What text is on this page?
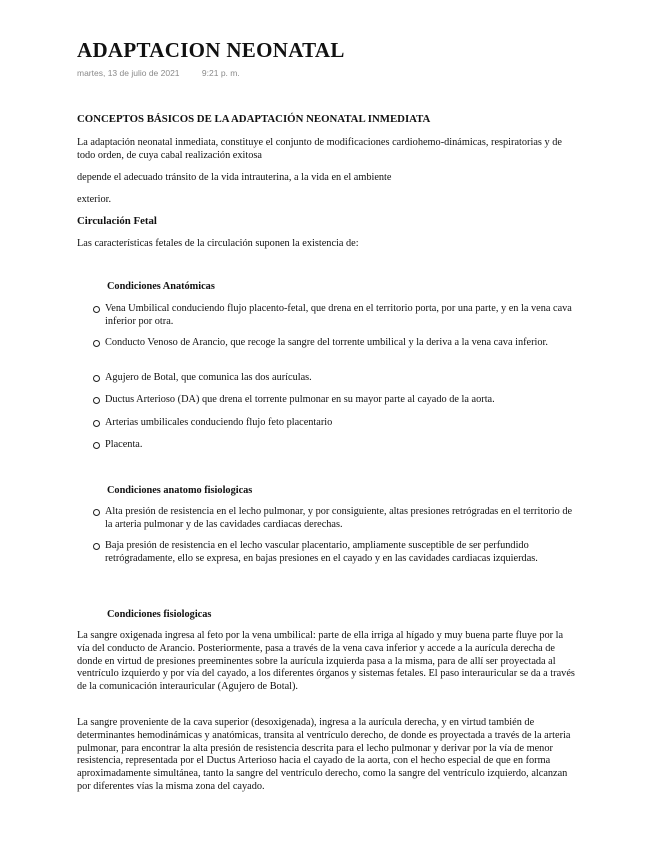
ADAPTACION NEONATAL
martes, 13 de julio de 2021	9:21 p. m.

CONCEPTOS BÁSICOS DE LA ADAPTACIÓN NEONATAL INMEDIATA

La adaptación neonatal inmediata, constituye el conjunto de modificaciones cardiohemo-dinámicas, respiratorias y de todo orden, de cuya cabal realización exitosa

depende el adecuado tránsito de la vida intrauterina, a la vida en el ambiente

exterior.

Circulación Fetal

Las características fetales de la circulación suponen la existencia de:

Condiciones Anatómicas

Vena Umbilical conduciendo flujo placento-fetal, que drena en el territorio porta, por una parte, y en la vena cava inferior por otra.
Conducto Venoso de Arancio, que recoge la sangre del torrente umbilical y la deriva a la vena cava inferior.
Agujero de Botal, que comunica las dos aurículas.
Ductus Arterioso (DA) que drena el torrente pulmonar en su mayor parte al cayado de la aorta.
Arterias umbilicales conduciendo flujo feto placentario
Placenta.

Condiciones anatomo fisiologicas

Alta presión de resistencia en el lecho pulmonar, y por consiguiente, altas presiones retrógradas en el territorio de la arteria pulmonar y de las cavidades cardiacas derechas.
Baja presión de resistencia en el lecho vascular placentario, ampliamente susceptible de ser perfundido retrógradamente, ello se expresa, en bajas presiones en el cayado y en las cavidades cardiacas izquierdas.

Condiciones fisiologicas

La sangre oxigenada ingresa al feto por la vena umbilical: parte de ella irriga al hígado y muy buena parte fluye por la vía del conducto de Arancio. Posteriormente, pasa a través de la vena cava inferior y accede a la aurícula derecha de donde en virtud de presiones preeminentes sobre la aurícula izquierda pasa a la misma, para de allí ser proyectada al ventrículo izquierdo y por vía del cayado, a los diferentes órganos y sistemas fetales. El paso interauricular se da a través de la comunicación interauricular (Agujero de Botal).

La sangre proveniente de la cava superior (desoxigenada), ingresa a la aurícula derecha, y en virtud también de determinantes hemodinámicas y anatómicas, transita al ventrículo derecho, de donde es proyectada a través de la arteria pulmonar, para encontrar la alta presión de resistencia descrita para el lecho pulmonar y derivar por la vía de menor resistencia, representada por el Ductus Arterioso hacia el cayado de la aorta, con el hecho especial de que en forma aproximadamente simultánea, tanto la sangre del ventrículo derecho, como la sangre del ventrículo izquierdo, alcanzan por diferentes vías la misma zona del cayado.
